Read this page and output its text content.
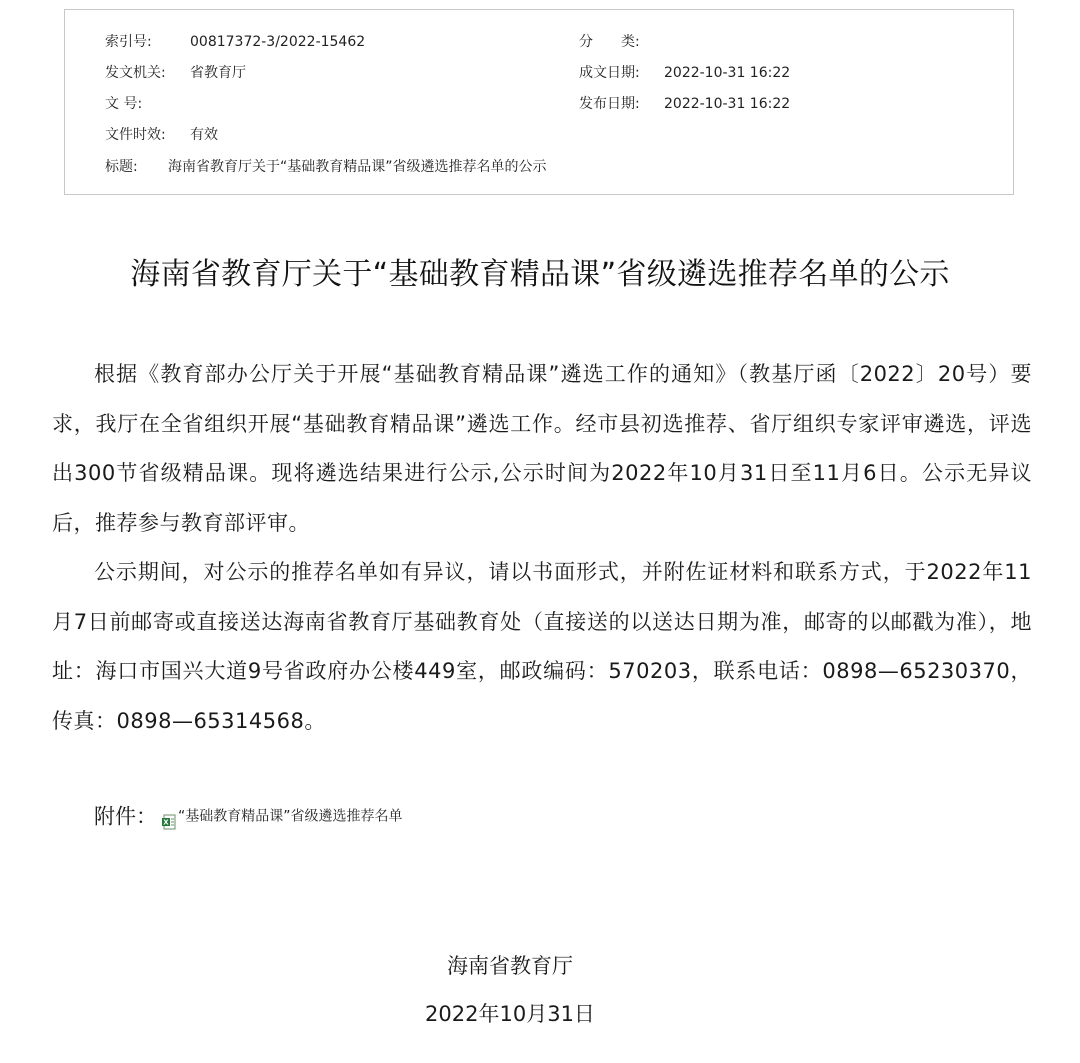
索引号:	00817372-3/2022-15462	分　　类:
发文机关: 省教育厅	成文日期: 2022-10-31 16:22
文 号:	发布日期: 2022-10-31 16:22
文件时效: 有效
标题: 海南省教育厅关于“基础教育精品课”省级遴选推荐名单的公示
海南省教育厅关于“基础教育精品课”省级遴选推荐名单的公示

根据《教育部办公厅关于开展“基础教育精品课”遴选工作的通知》（教基厅函〔2022〕20号）要求，我厅在全省组织开展“基础教育精品课”遴选工作。经市县初选推荐、省厅组织专家评审遴选，评选出300节省级精品课。现将遴选结果进行公示,公示时间为2022年10月31日至11月6日。公示无异议后，推荐参与教育部评审。

公示期间，对公示的推荐名单如有异议，请以书面形式，并附佐证材料和联系方式，于2022年11月7日前邮寄或直接送达海南省教育厅基础教育处（直接送的以送达日期为准，邮寄的以邮戳为准），地址：海口市国兴大道9号省政府办公楼449室，邮政编码：570203，联系电话：0898—65230370，传真：0898—65314568。

附件： X “基础教育精品课”省级遴选推荐名单
海南省教育厅
2022年10月31日
